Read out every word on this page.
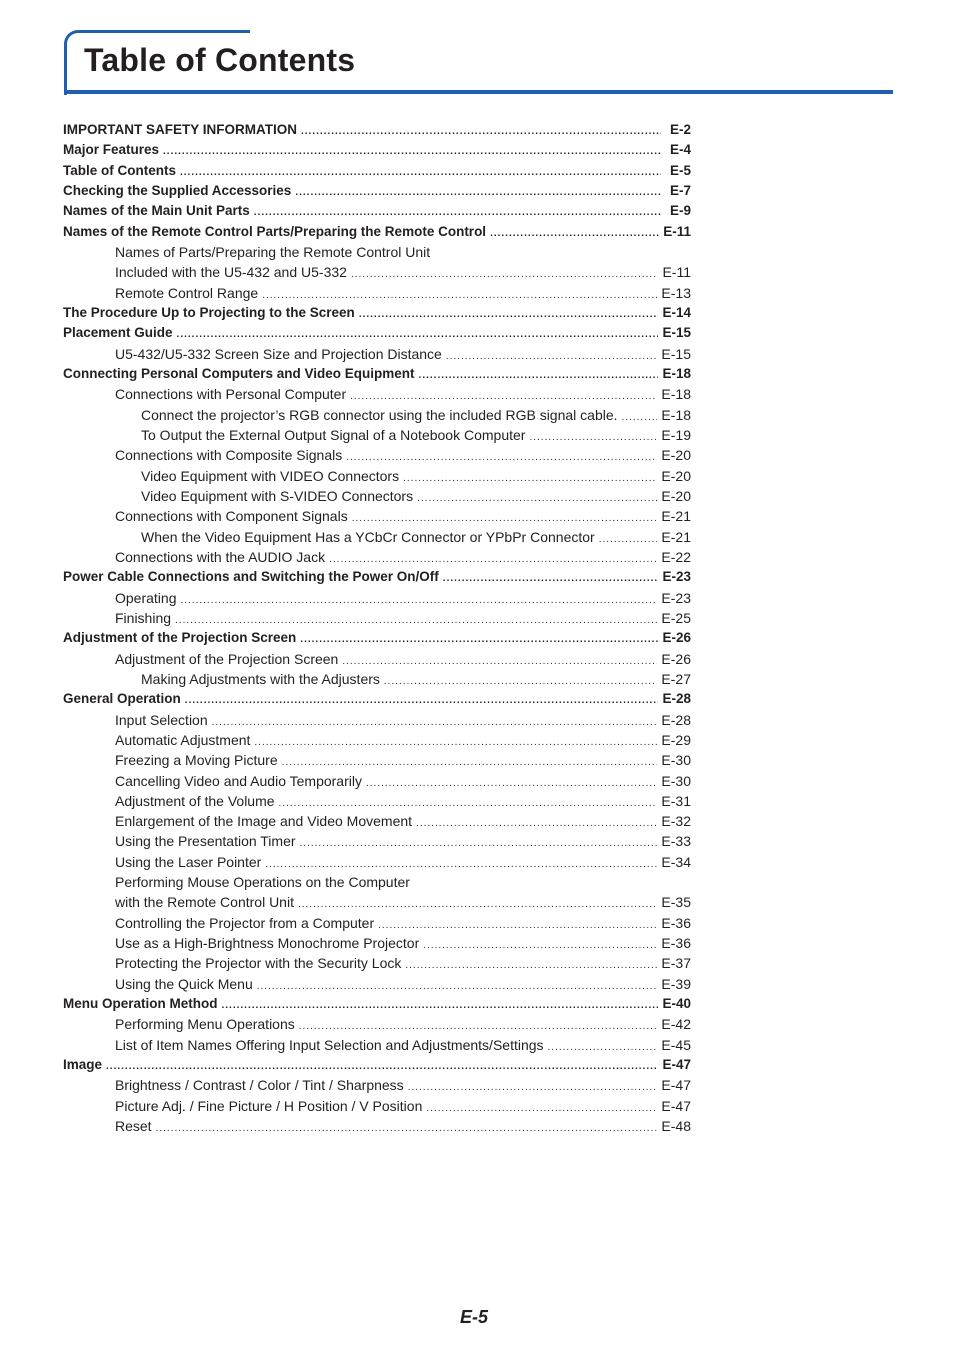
Table of Contents
IMPORTANT SAFETY INFORMATION .....	E-2
Major Features .....	E-4
Table of Contents .....	E-5
Checking the Supplied Accessories .....	E-7
Names of the Main Unit Parts .....	E-9
Names of the Remote Control Parts/Preparing the Remote Control .....	E-11
Names of Parts/Preparing the Remote Control Unit
Included with the U5-432 and U5-332 .....	E-11
Remote Control Range .....	E-13
The Procedure Up to Projecting to the Screen .....	E-14
Placement Guide .....	E-15
U5-432/U5-332 Screen Size and Projection Distance .....	E-15
Connecting Personal Computers and Video Equipment .....	E-18
Connections with Personal Computer .....	E-18
Connect the projector’s RGB connector using the included RGB signal cable. .....	E-18
To Output the External Output Signal of a Notebook Computer .....	E-19
Connections with Composite Signals .....	E-20
Video Equipment with VIDEO Connectors .....	E-20
Video Equipment with S-VIDEO Connectors .....	E-20
Connections with Component Signals .....	E-21
When the Video Equipment Has a YCbCr Connector or YPbPr Connector .....	E-21
Connections with the AUDIO Jack .....	E-22
Power Cable Connections and Switching the Power On/Off .....	E-23
Operating .....	E-23
Finishing .....	E-25
Adjustment of the Projection Screen .....	E-26
Adjustment of the Projection Screen .....	E-26
Making Adjustments with the Adjusters .....	E-27
General Operation .....	E-28
Input Selection .....	E-28
Automatic Adjustment .....	E-29
Freezing a Moving Picture .....	E-30
Cancelling Video and Audio Temporarily .....	E-30
Adjustment of the Volume .....	E-31
Enlargement of the Image and Video Movement .....	E-32
Using the Presentation Timer .....	E-33
Using the Laser Pointer .....	E-34
Performing Mouse Operations on the Computer
with the Remote Control Unit .....	E-35
Controlling the Projector from a Computer .....	E-36
Use as a High-Brightness Monochrome Projector .....	E-36
Protecting the Projector with the Security Lock .....	E-37
Using the Quick Menu .....	E-39
Menu Operation Method .....	E-40
Performing Menu Operations .....	E-42
List of Item Names Offering Input Selection and Adjustments/Settings .....	E-45
Image .....	E-47
Brightness / Contrast / Color / Tint / Sharpness .....	E-47
Picture Adj. / Fine Picture / H Position / V Position .....	E-47
Reset .....	E-48
E-5
